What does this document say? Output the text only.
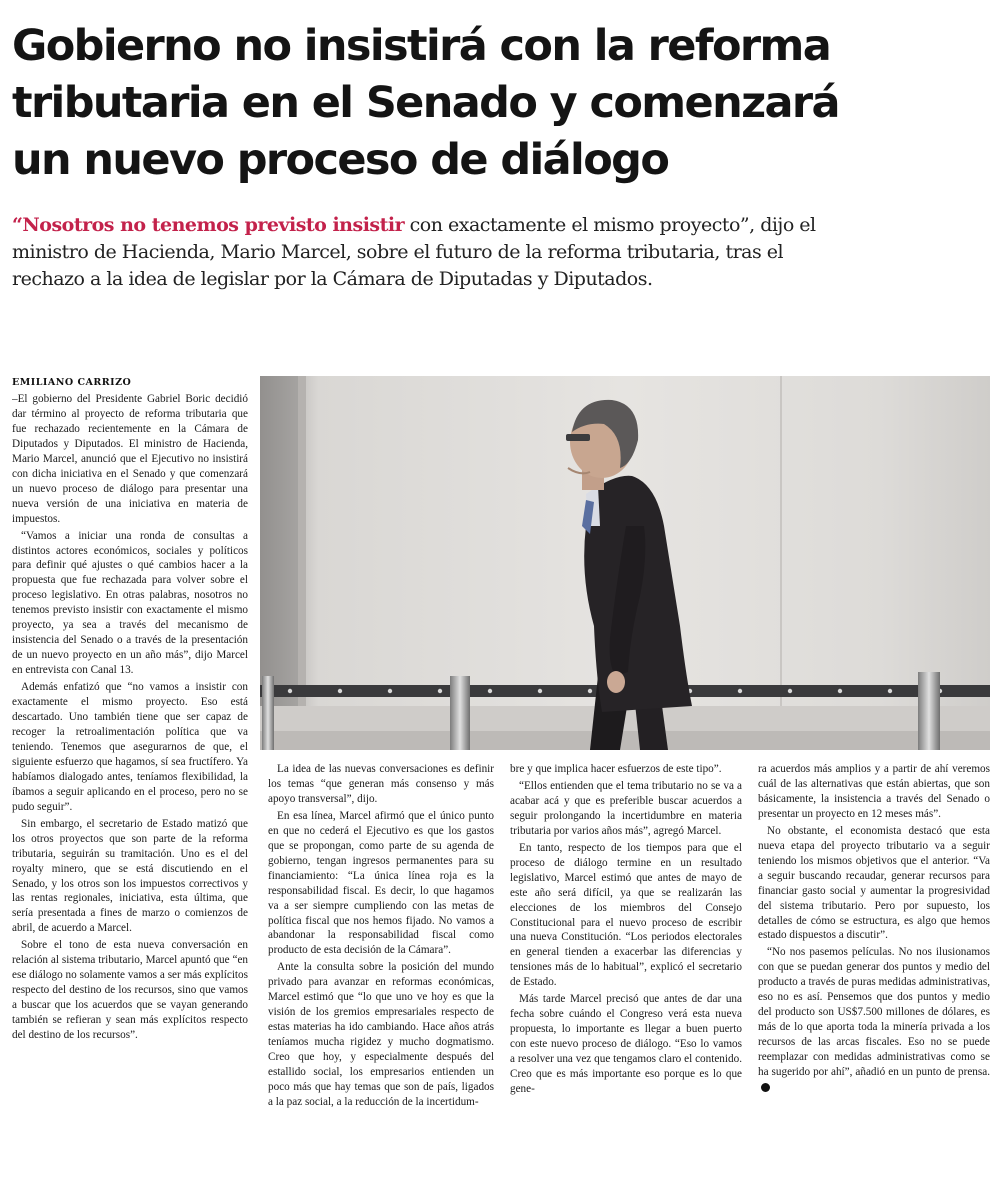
Gobierno no insistirá con la reforma
tributaria en el Senado y comenzará
un nuevo proceso de diálogo
“Nosotros no tenemos previsto insistir con exactamente el mismo proyecto”, dijo el
ministro de Hacienda, Mario Marcel, sobre el futuro de la reforma tributaria, tras el
rechazo a la idea de legislar por la Cámara de Diputadas y Diputados.
EMILIANO CARRIZO

–El gobierno del Presidente Gabriel Boric decidió dar término al proyecto de reforma tributaria que fue rechazado recientemente en la Cámara de Diputados y Diputados. El ministro de Hacienda, Mario Marcel, anunció que el Ejecutivo no insistirá con dicha iniciativa en el Senado y que comenzará un nuevo proceso de diálogo para presentar una nueva versión de una iniciativa en materia de impuestos.

“Vamos a iniciar una ronda de consultas a distintos actores económicos, sociales y políticos para definir qué ajustes o qué cambios hacer a la propuesta que fue rechazada para volver sobre el proceso legislativo. En otras palabras, nosotros no tenemos previsto insistir con exactamente el mismo proyecto, ya sea a través del mecanismo de insistencia del Senado o a través de la presentación de un nuevo proyecto en un año más”, dijo Marcel en entrevista con Canal 13.

Además enfatizó que “no vamos a insistir con exactamente el mismo proyecto. Eso está descartado. Uno también tiene que ser capaz de recoger la retroalimentación política que va teniendo. Tenemos que asegurarnos de que, el siguiente esfuerzo que hagamos, sí sea fructífero. Ya habíamos dialogado antes, teníamos flexibilidad, la íbamos a seguir aplicando en el proceso, pero no se pudo seguir”.

Sin embargo, el secretario de Estado matizó que los otros proyectos que son parte de la reforma tributaria, seguirán su tramitación. Uno es el del royalty minero, que se está discutiendo en el Senado, y los otros son los impuestos correctivos y las rentas regionales, iniciativa, esta última, que sería presentada a fines de marzo o comienzos de abril, de acuerdo a Marcel.

Sobre el tono de esta nueva conversación en relación al sistema tributario, Marcel apuntó que “en ese diálogo no solamente vamos a ser más explícitos respecto del destino de los recursos, sino que vamos a buscar que los acuerdos que se vayan generando también se refieran y sean más explícitos respecto del destino de los recursos”.

La idea de las nuevas conversaciones es definir los temas “que generan más consenso y más apoyo transversal”, dijo.

En esa línea, Marcel afirmó que el único punto en que no cederá el Ejecutivo es que los gastos que se propongan, como parte de su agenda de gobierno, tengan ingresos permanentes para su financiamiento: “La única línea roja es la responsabilidad fiscal. Es decir, lo que hagamos va a ser siempre cumpliendo con las metas de política fiscal que nos hemos fijado. No vamos a abandonar la responsabilidad fiscal como producto de esta decisión de la Cámara”.

Ante la consulta sobre la posición del mundo privado para avanzar en reformas económicas, Marcel estimó que “lo que uno ve hoy es que la visión de los gremios empresariales respecto de estas materias ha ido cambiando. Hace años atrás teníamos mucha rigidez y mucho dogmatismo. Creo que hoy, y especialmente después del estallido social, los empresarios entienden un poco más que hay temas que son de país, ligados a la paz social, a la reducción de la incertidum-

bre y que implica hacer esfuerzos de este tipo”.

“Ellos entienden que el tema tributario no se va a acabar acá y que es preferible buscar acuerdos a seguir prolongando la incertidumbre en materia tributaria por varios años más”, agregó Marcel.

En tanto, respecto de los tiempos para que el proceso de diálogo termine en un resultado legislativo, Marcel estimó que antes de mayo de este año será difícil, ya que se realizarán las elecciones de los miembros del Consejo Constitucional para el nuevo proceso de escribir una nueva Constitución. “Los periodos electorales en general tienden a exacerbar las diferencias y tensiones más de lo habitual”, explicó el secretario de Estado.

Más tarde Marcel precisó que antes de dar una fecha sobre cuándo el Congreso verá esta nueva propuesta, lo importante es llegar a buen puerto con este nuevo proceso de diálogo. “Eso lo vamos a resolver una vez que tengamos claro el contenido. Creo que es más importante eso porque es lo que gene-

ra acuerdos más amplios y a partir de ahí veremos cuál de las alternativas que están abiertas, que son básicamente, la insistencia a través del Senado o presentar un proyecto en 12 meses más”.

No obstante, el economista destacó que esta nueva etapa del proyecto tributario va a seguir teniendo los mismos objetivos que el anterior. “Va a seguir buscando recaudar, generar recursos para financiar gasto social y aumentar la progresividad del sistema tributario. Pero por supuesto, los detalles de cómo se estructura, es algo que hemos estado dispuestos a discutir”.

“No nos pasemos películas. No nos ilusionamos con que se puedan generar dos puntos y medio del producto a través de puras medidas administrativas, eso no es así. Pensemos que dos puntos y medio del producto son US$7.500 millones de dólares, es más de lo que aporta toda la minería privada a los recursos de las arcas fiscales. Eso no se puede reemplazar con medidas administrativas como se ha sugerido por ahí”, añadió en un punto de prensa.
